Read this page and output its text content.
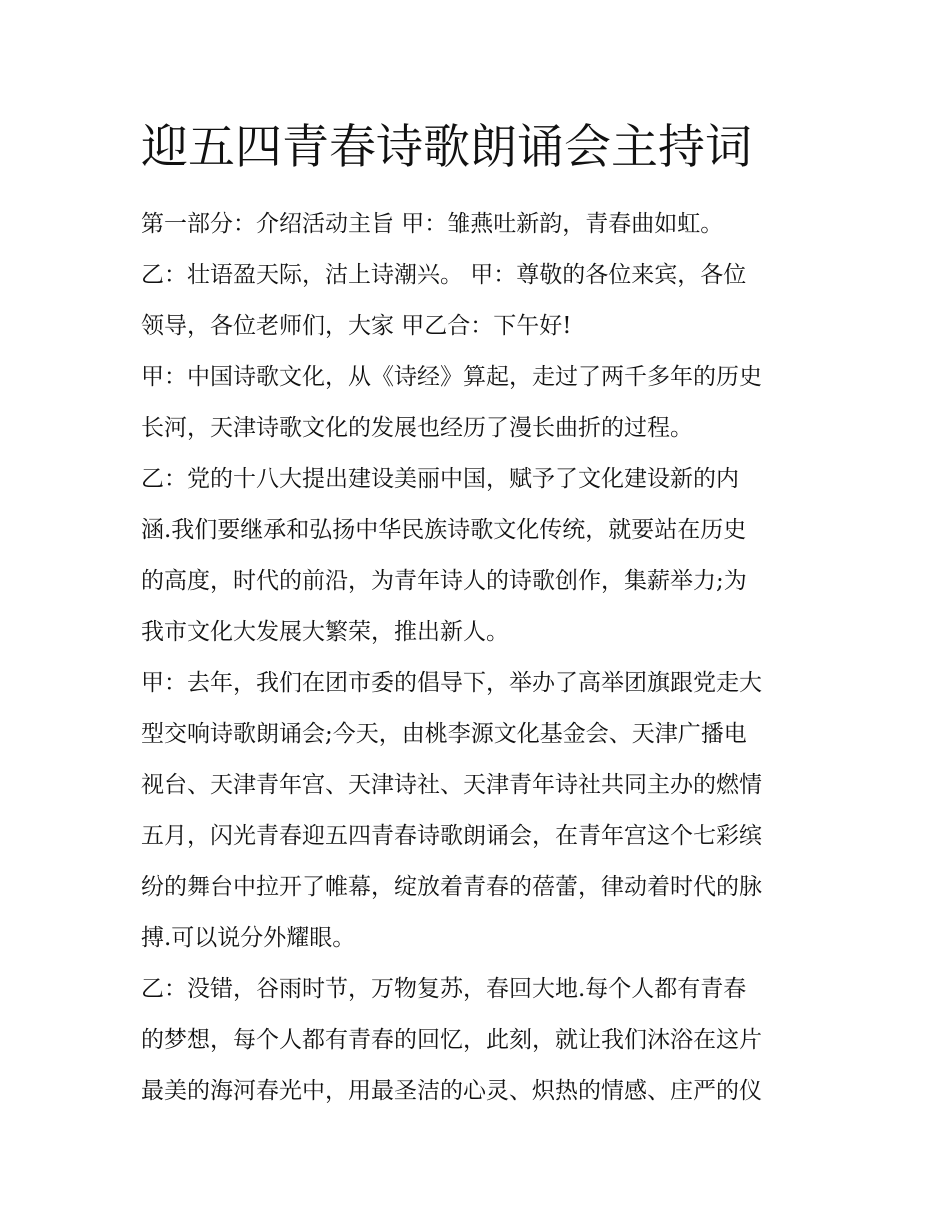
迎五四青春诗歌朗诵会主持词
第一部分：介绍活动主旨 甲：雏燕吐新韵，青春曲如虹。
乙：壮语盈天际，沽上诗潮兴。 甲：尊敬的各位来宾，各位
领导，各位老师们，大家 甲乙合：下午好!
甲：中国诗歌文化，从《诗经》算起，走过了两千多年的历史
长河，天津诗歌文化的发展也经历了漫长曲折的过程。
乙：党的十八大提出建设美丽中国，赋予了文化建设新的内
涵.我们要继承和弘扬中华民族诗歌文化传统，就要站在历史
的高度，时代的前沿，为青年诗人的诗歌创作，集薪举力;为
我市文化大发展大繁荣，推出新人。
甲：去年，我们在团市委的倡导下，举办了高举团旗跟党走大
型交响诗歌朗诵会;今天，由桃李源文化基金会、天津广播电
视台、天津青年宫、天津诗社、天津青年诗社共同主办的燃情
五月，闪光青春迎五四青春诗歌朗诵会，在青年宫这个七彩缤
纷的舞台中拉开了帷幕，绽放着青春的蓓蕾，律动着时代的脉
搏.可以说分外耀眼。
乙：没错，谷雨时节，万物复苏，春回大地.每个人都有青春
的梦想，每个人都有青春的回忆，此刻，就让我们沐浴在这片
最美的海河春光中，用最圣洁的心灵、炽热的情感、庄严的仪
